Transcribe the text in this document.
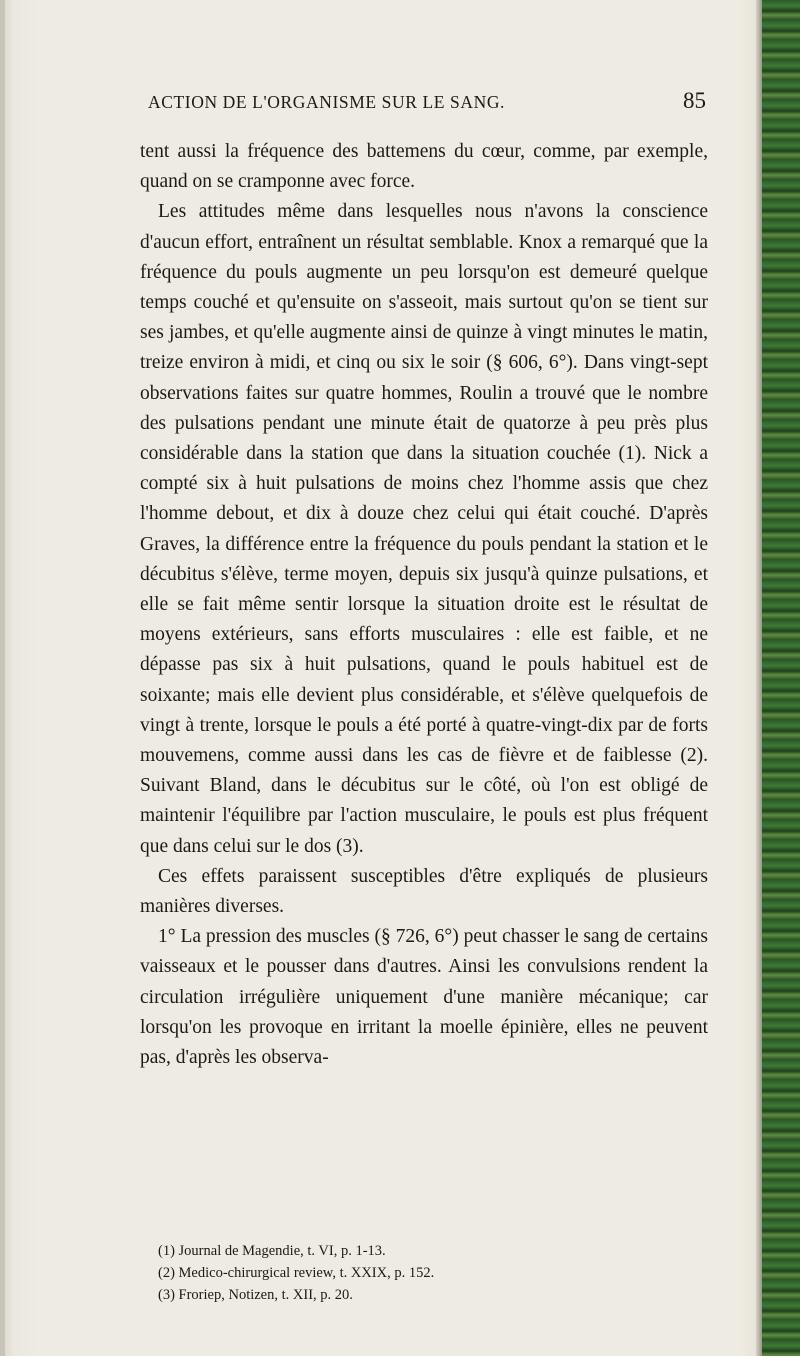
ACTION DE L'ORGANISME SUR LE SANG.	85

tent aussi la fréquence des battemens du cœur, comme, par exemple, quand on se cramponne avec force.

Les attitudes même dans lesquelles nous n'avons la conscience d'aucun effort, entraînent un résultat semblable. Knox a remarqué que la fréquence du pouls augmente un peu lorsqu'on est demeuré quelque temps couché et qu'ensuite on s'asseoit, mais surtout qu'on se tient sur ses jambes, et qu'elle augmente ainsi de quinze à vingt minutes le matin, treize environ à midi, et cinq ou six le soir (§ 606, 6°). Dans vingt-sept observations faites sur quatre hommes, Roulin a trouvé que le nombre des pulsations pendant une minute était de quatorze à peu près plus considérable dans la station que dans la situation couchée (1). Nick a compté six à huit pulsations de moins chez l'homme assis que chez l'homme debout, et dix à douze chez celui qui était couché. D'après Graves, la différence entre la fréquence du pouls pendant la station et le décubitus s'élève, terme moyen, depuis six jusqu'à quinze pulsations, et elle se fait même sentir lorsque la situation droite est le résultat de moyens extérieurs, sans efforts musculaires : elle est faible, et ne dépasse pas six à huit pulsations, quand le pouls habituel est de soixante; mais elle devient plus considérable, et s'élève quelquefois de vingt à trente, lorsque le pouls a été porté à quatre-vingt-dix par de forts mouvemens, comme aussi dans les cas de fièvre et de faiblesse (2). Suivant Bland, dans le décubitus sur le côté, où l'on est obligé de maintenir l'équilibre par l'action musculaire, le pouls est plus fréquent que dans celui sur le dos (3).

Ces effets paraissent susceptibles d'être expliqués de plusieurs manières diverses.

1° La pression des muscles (§ 726, 6°) peut chasser le sang de certains vaisseaux et le pousser dans d'autres. Ainsi les convulsions rendent la circulation irrégulière uniquement d'une manière mécanique; car lorsqu'on les provoque en irritant la moelle épinière, elles ne peuvent pas, d'après les observa-

(1) Journal de Magendie, t. VI, p. 1-13.

(2) Medico-chirurgical review, t. XXIX, p. 152.

(3) Froriep, Notizen, t. XII, p. 20.
